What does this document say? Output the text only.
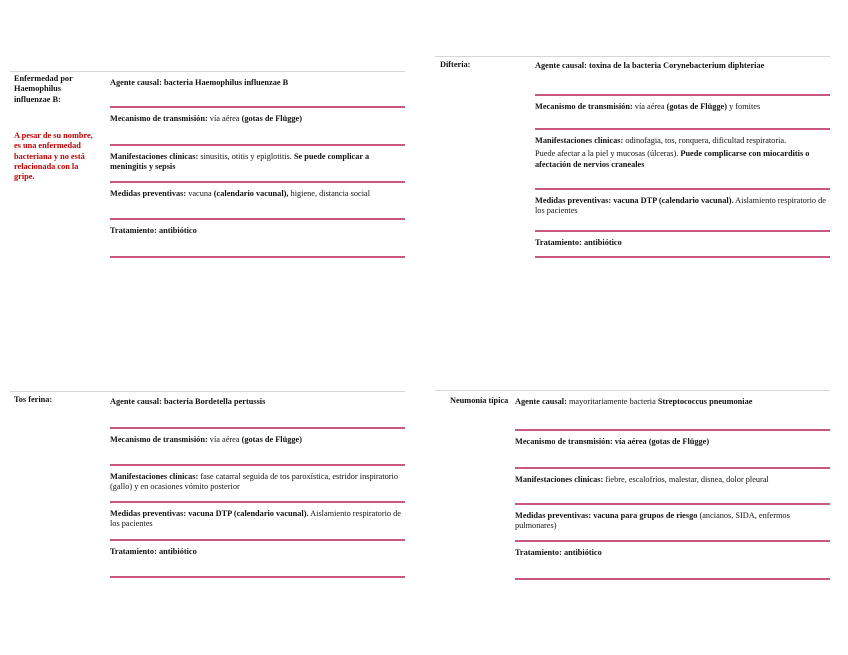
Enfermedad por Haemophilus influenzae B:
A pesar de su nombre, es una enfermedad bacteriana y no está relacionada con la gripe.

Agente causal: bacteria Haemophilus influenzae B

Mecanismo de transmisión: vía aérea (gotas de Flügge)

Manifestaciones clínicas: sinusitis, otitis y epiglotitis. Se puede complicar a meningitis y sepsis

Medidas preventivas: vacuna (calendario vacunal), higiene, distancia social

Tratamiento: antibiótico

Difteria:	Agente causal: toxina de la bacteria Corynebacterium diphteriae

Mecanismo de transmisión: vía aérea (gotas de Flügge) y fomites

Manifestaciones clínicas: odinofagia, tos, ronquera, dificultad respiratoria.

Puede afectar a la piel y mucosas (úlceras). Puede complicarse con miocarditis o afectación de nervios craneales

Medidas preventivas: vacuna DTP (calendario vacunal). Aislamiento respiratorio de los pacientes

Tratamiento: antibiótico

Tos ferina:	Agente causal: bacteria Bordetella pertussis

Mecanismo de transmisión: vía aérea (gotas de Flügge)

Manifestaciones clínicas: fase catarral seguida de tos paroxística, estridor inspiratorio (gallo) y en ocasiones vómito posterior

Medidas preventivas: vacuna DTP (calendario vacunal). Aislamiento respiratorio de los pacientes

Tratamiento: antibiótico

Neumonía típica Agente causal: mayoritariamente bacteria Streptococcus pneumoniae

Mecanismo de transmisión: vía aérea (gotas de Flügge)

Manifestaciones clínicas: fiebre, escalofríos, malestar, disnea, dolor pleural

Medidas preventivas: vacuna para grupos de riesgo (ancianos, SIDA, enfermos pulmonares)

Tratamiento: antibiótico
